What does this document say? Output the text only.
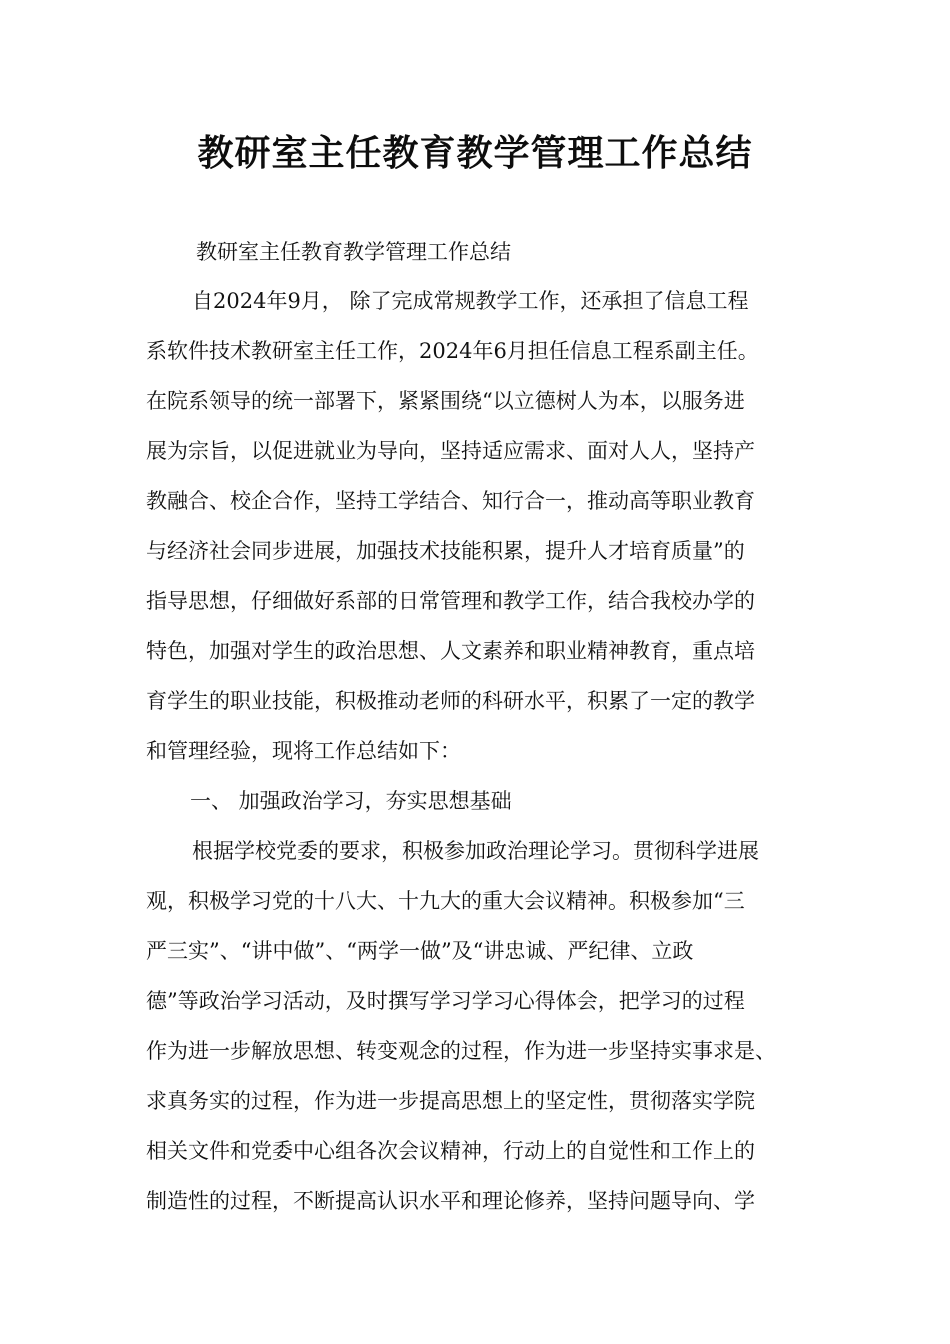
教研室主任教育教学管理工作总结
教研室主任教育教学管理工作总结
自2024年9月， 除了完成常规教学工作，还承担了信息工程
系软件技术教研室主任工作，2024年6月担任信息工程系副主任。
在院系领导的统一部署下，紧紧围绕“以立德树人为本，以服务进
展为宗旨，以促进就业为导向，坚持适应需求、面对人人，坚持产
教融合、校企合作，坚持工学结合、知行合一，推动高等职业教育
与经济社会同步进展，加强技术技能积累，提升人才培育质量”的
指导思想，仔细做好系部的日常管理和教学工作，结合我校办学的
特色，加强对学生的政治思想、人文素养和职业精神教育，重点培
育学生的职业技能，积极推动老师的科研水平，积累了一定的教学
和管理经验，现将工作总结如下：
一、 加强政治学习，夯实思想基础
根据学校党委的要求，积极参加政治理论学习。贯彻科学进展
观，积极学习党的十八大、十九大的重大会议精神。积极参加“三
严三实”、“讲中做”、“两学一做”及“讲忠诚、严纪律、立政
德”等政治学习活动，及时撰写学习学习心得体会，把学习的过程
作为进一步解放思想、转变观念的过程，作为进一步坚持实事求是、
求真务实的过程，作为进一步提高思想上的坚定性，贯彻落实学院
相关文件和党委中心组各次会议精神，行动上的自觉性和工作上的
制造性的过程，不断提高认识水平和理论修养，坚持问题导向、学
